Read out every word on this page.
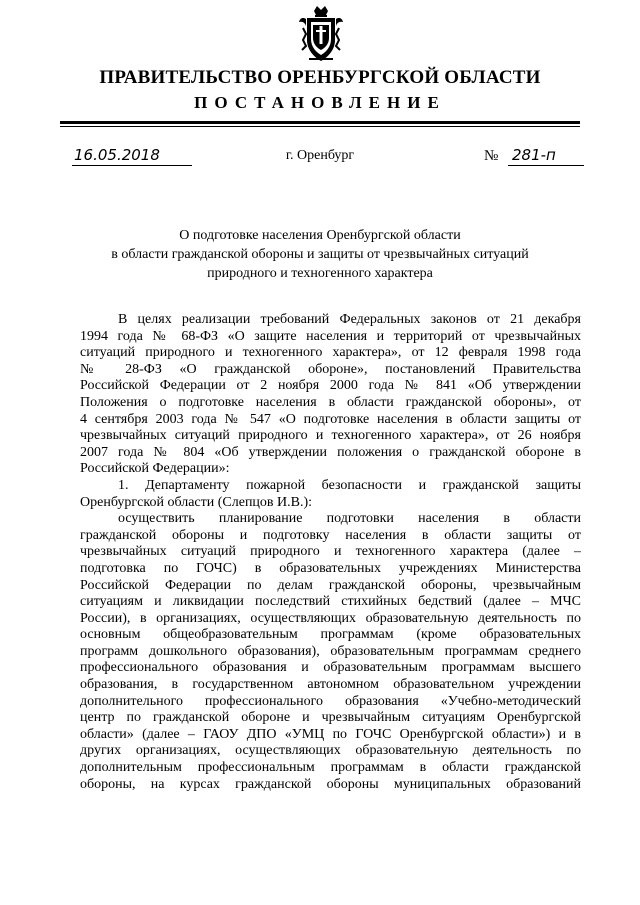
ПРАВИТЕЛЬСТВО ОРЕНБУРГСКОЙ ОБЛАСТИ
ПОСТАНОВЛЕНИЕ
16.05.2018	г. Оренбург	№ 281-п
О подготовке населения Оренбургской области
в области гражданской обороны и защиты от чрезвычайных ситуаций
природного и техногенного характера
В целях реализации требований Федеральных законов от 21 декабря
1994 года № 68-ФЗ «О защите населения и территорий от чрезвычайных
ситуаций природного и техногенного характера», от 12 февраля 1998 года
№ 28-ФЗ «О гражданской обороне», постановлений Правительства
Российской Федерации от 2 ноября 2000 года № 841 «Об утверждении
Положения о подготовке населения в области гражданской обороны», от
4 сентября 2003 года № 547 «О подготовке населения в области защиты от
чрезвычайных ситуаций природного и техногенного характера», от 26 ноября
2007 года № 804 «Об утверждении положения о гражданской обороне в
Российской Федерации»:
1. Департаменту пожарной безопасности и гражданской защиты
Оренбургской области (Слепцов И.В.):
осуществить планирование подготовки населения в области
гражданской обороны и подготовку населения в области защиты от
чрезвычайных ситуаций природного и техногенного характера (далее –
подготовка по ГОЧС) в образовательных учреждениях Министерства
Российской Федерации по делам гражданской обороны, чрезвычайным
ситуациям и ликвидации последствий стихийных бедствий (далее – МЧС
России), в организациях, осуществляющих образовательную деятельность по
основным общеобразовательным программам (кроме образовательных
программ дошкольного образования), образовательным программам среднего
профессионального образования и образовательным программам высшего
образования, в государственном автономном образовательном учреждении
дополнительного профессионального образования «Учебно-методический
центр по гражданской обороне и чрезвычайным ситуациям Оренбургской
области» (далее – ГАОУ ДПО «УМЦ по ГОЧС Оренбургской области») и в
других организациях, осуществляющих образовательную деятельность по
дополнительным профессиональным программам в области гражданской
обороны, на курсах гражданской обороны муниципальных образований
